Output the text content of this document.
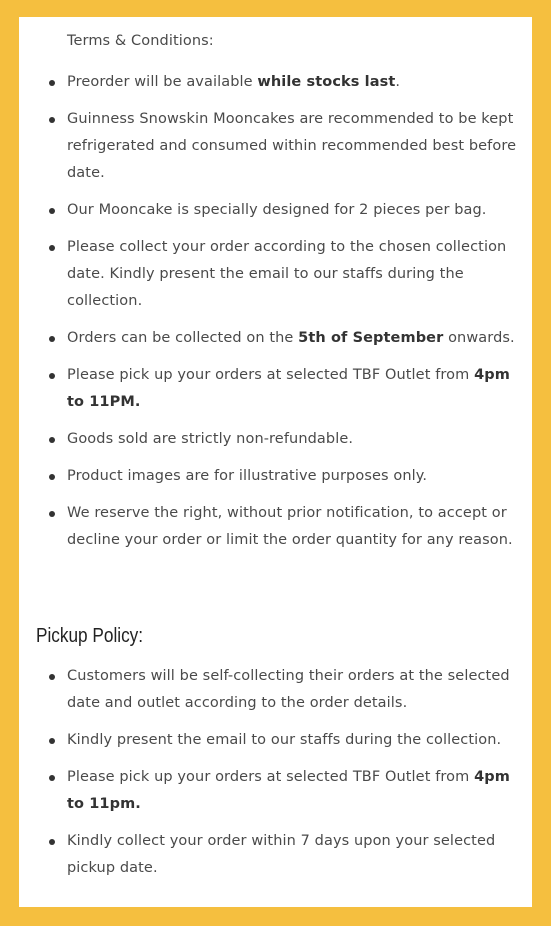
Terms & Conditions:

Preorder will be available while stocks last.
Guinness Snowskin Mooncakes are recommended to be kept refrigerated and consumed within recommended best before date.
Our Mooncake is specially designed for 2 pieces per bag.
Please collect your order according to the chosen collection date. Kindly present the email to our staffs during the collection.
Orders can be collected on the 5th of September onwards.
Please pick up your orders at selected TBF Outlet from 4pm to 11PM.
Goods sold are strictly non-refundable.
Product images are for illustrative purposes only.
We reserve the right, without prior notification, to accept or decline your order or limit the order quantity for any reason.
Pickup Policy:
Customers will be self-collecting their orders at the selected date and outlet according to the order details.
Kindly present the email to our staffs during the collection.
Please pick up your orders at selected TBF Outlet from 4pm to 11pm.
Kindly collect your order within 7 days upon your selected pickup date.
